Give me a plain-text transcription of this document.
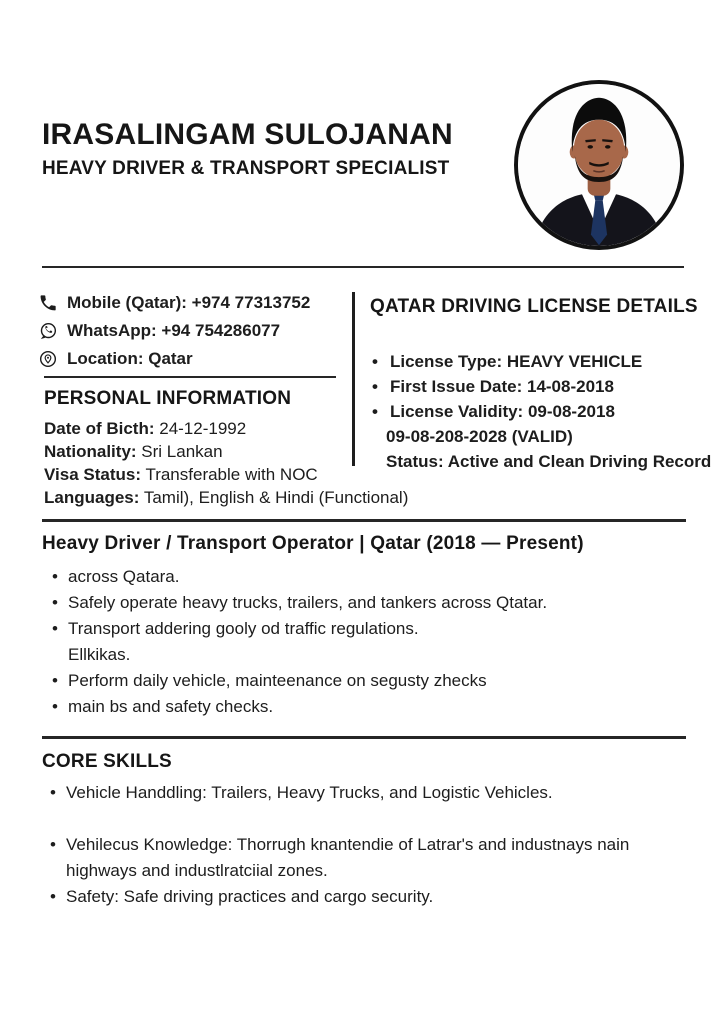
IRASALINGAM SULOJANAN
HEAVY DRIVER & TRANSPORT SPECIALIST
Mobile (Qatar): +974 77313752
WhatsApp: +94 754286077
Location: Qatar
PERSONAL INFORMATION
Date of Bicth: 24-12-1992
Nationality: Sri Lankan
Visa Status: Transferable with NOC
Languages: Tamil), English & Hindi (Functional)
QATAR DRIVING LICENSE DETAILS
• License Type: HEAVY VEHICLE
• First Issue Date: 14-08-2018
• License Validity: 09-08-2018
09-08-208-2028 (VALID)
Status: Active and Clean Driving Record
Heavy Driver / Transport Operator | Qatar (2018 — Present)
• across Qatara.
• Safely operate heavy trucks, trailers, and tankers across Qtatar.
• Transport addering gooly od traffic regulations.
Ellkikas.
• Perform daily vehicle, mainteenance on segusty zhecks
• main bs and safety checks.
CORE SKILLS
• Vehicle Handdling: Trailers, Heavy Trucks, and Logistic Vehicles.
• Vehilecus Knowledge: Thorrugh knantendie of Latrar's and industnays nain highways and industlratciial zones.
• Safety: Safe driving practices and cargo security.
